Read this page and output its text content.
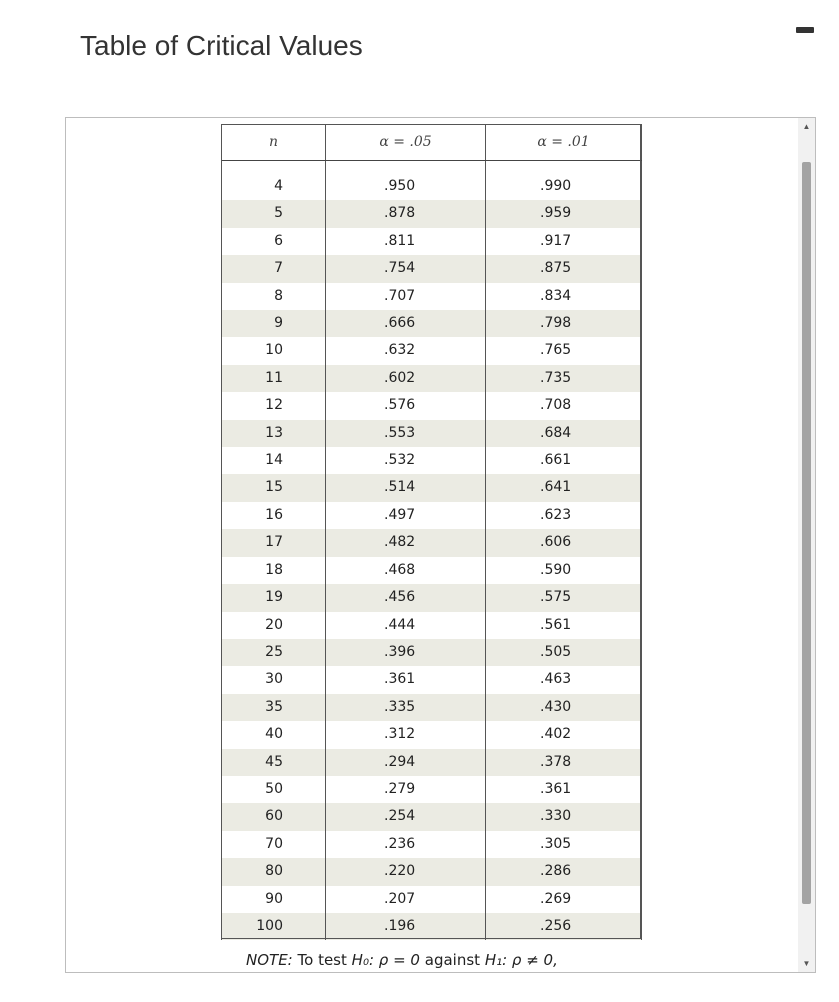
Table of Critical Values
n	α = .05	α = .01

4	.950	.990
5	.878	.959
6	.811	.917
7	.754	.875
8	.707	.834
9	.666	.798
10	.632	.765
11	.602	.735
12	.576	.708
13	.553	.684
14	.532	.661
15	.514	.641
16	.497	.623
17	.482	.606
18	.468	.590
19	.456	.575
20	.444	.561
25	.396	.505
30	.361	.463
35	.335	.430
40	.312	.402
45	.294	.378
50	.279	.361
60	.254	.330
70	.236	.305
80	.220	.286
90	.207	.269
100	.196	.256
NOTE: To test H₀: ρ = 0 against H₁: ρ ≠ 0,
▲
▼
